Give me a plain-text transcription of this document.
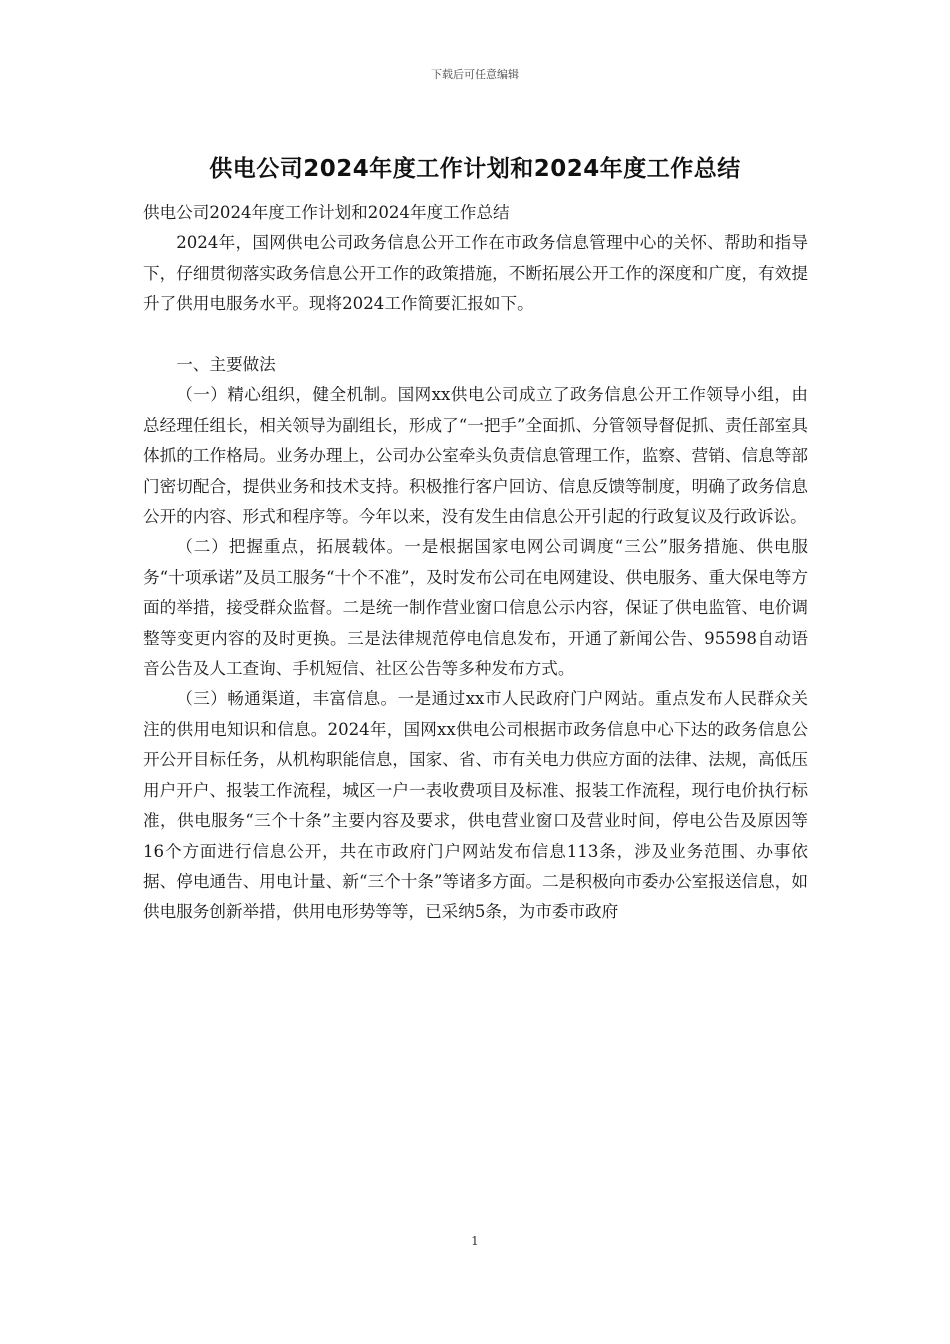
下载后可任意编辑
供电公司2024年度工作计划和2024年度工作总结

供电公司2024年度工作计划和2024年度工作总结

2024年，国网供电公司政务信息公开工作在市政务信息管理中心的关怀、帮助和指导下，仔细贯彻落实政务信息公开工作的政策措施，不断拓展公开工作的深度和广度，有效提升了供用电服务水平。现将2024工作简要汇报如下。

一、主要做法

（一）精心组织，健全机制。国网xx供电公司成立了政务信息公开工作领导小组，由总经理任组长，相关领导为副组长，形成了“一把手”全面抓、分管领导督促抓、责任部室具体抓的工作格局。业务办理上，公司办公室牵头负责信息管理工作，监察、营销、信息等部门密切配合，提供业务和技术支持。积极推行客户回访、信息反馈等制度，明确了政务信息公开的内容、形式和程序等。今年以来，没有发生由信息公开引起的行政复议及行政诉讼。

（二）把握重点，拓展载体。一是根据国家电网公司调度“三公”服务措施、供电服务“十项承诺”及员工服务“十个不准”，及时发布公司在电网建设、供电服务、重大保电等方面的举措，接受群众监督。二是统一制作营业窗口信息公示内容，保证了供电监管、电价调整等变更内容的及时更换。三是法律规范停电信息发布，开通了新闻公告、95598自动语音公告及人工查询、手机短信、社区公告等多种发布方式。

（三）畅通渠道，丰富信息。一是通过xx市人民政府门户网站。重点发布人民群众关注的供用电知识和信息。2024年，国网xx供电公司根据市政务信息中心下达的政务信息公开公开目标任务，从机构职能信息，国家、省、市有关电力供应方面的法律、法规，高低压用户开户、报装工作流程，城区一户一表收费项目及标准、报装工作流程，现行电价执行标准，供电服务“三个十条”主要内容及要求，供电营业窗口及营业时间，停电公告及原因等16个方面进行信息公开，共在市政府门户网站发布信息113条，涉及业务范围、办事依据、停电通告、用电计量、新“三个十条”等诸多方面。二是积极向市委办公室报送信息，如供电服务创新举措，供用电形势等等，已采纳5条，为市委市政府

1
